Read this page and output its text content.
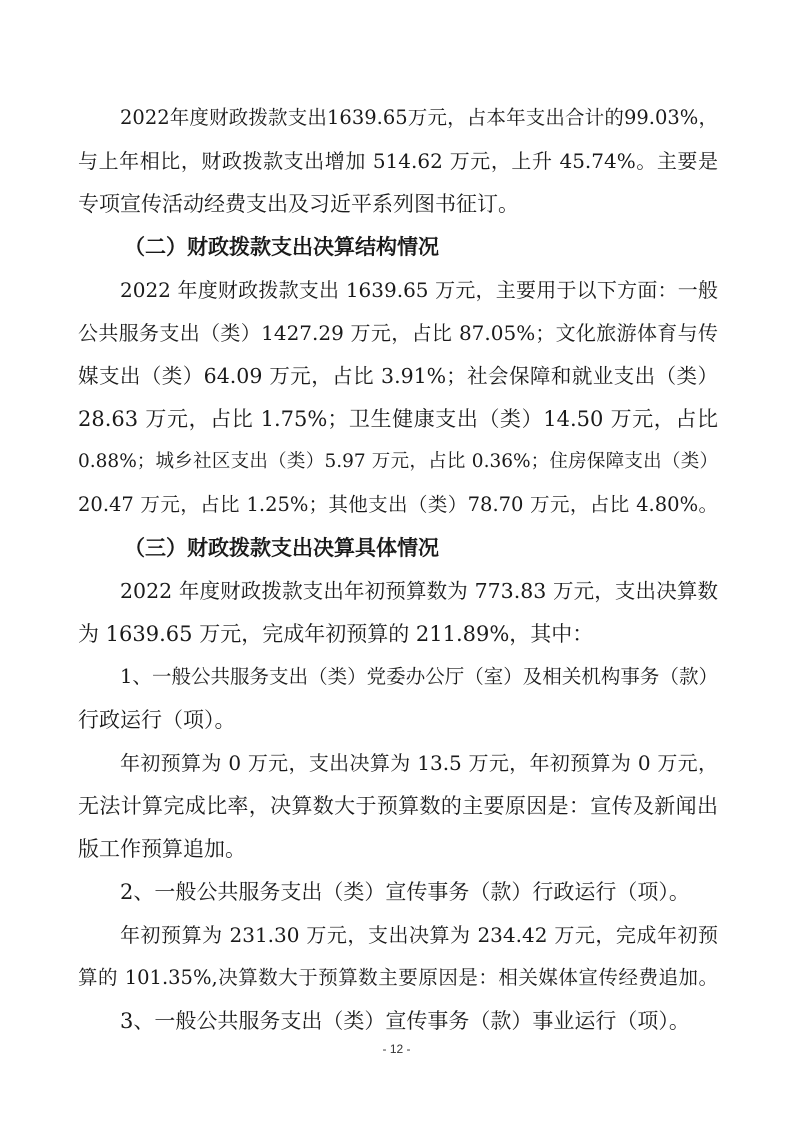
2022年度财政拨款支出1639.65万元，占本年支出合计的99.03%，
与上年相比，财政拨款支出增加 514.62 万元，上升 45.74%。主要是
专项宣传活动经费支出及习近平系列图书征订。
（二）财政拨款支出决算结构情况
2022 年度财政拨款支出 1639.65 万元，主要用于以下方面：一般
公共服务支出（类）1427.29 万元，占比 87.05%；文化旅游体育与传
媒支出（类）64.09 万元，占比 3.91%；社会保障和就业支出（类）
28.63 万元，占比 1.75%；卫生健康支出（类）14.50 万元，占比
0.88%；城乡社区支出（类）5.97 万元，占比 0.36%；住房保障支出（类）
20.47 万元，占比 1.25%；其他支出（类）78.70 万元，占比 4.80%。
（三）财政拨款支出决算具体情况
2022 年度财政拨款支出年初预算数为 773.83 万元，支出决算数
为 1639.65 万元，完成年初预算的 211.89%，其中：
1、一般公共服务支出（类）党委办公厅（室）及相关机构事务（款）
行政运行（项）。
年初预算为 0 万元，支出决算为 13.5 万元，年初预算为 0 万元，
无法计算完成比率，决算数大于预算数的主要原因是：宣传及新闻出
版工作预算追加。
2、一般公共服务支出（类）宣传事务（款）行政运行（项）。
年初预算为 231.30 万元，支出决算为 234.42 万元，完成年初预
算的 101.35%,决算数大于预算数主要原因是：相关媒体宣传经费追加。
3、一般公共服务支出（类）宣传事务（款）事业运行（项）。
- 12 -
